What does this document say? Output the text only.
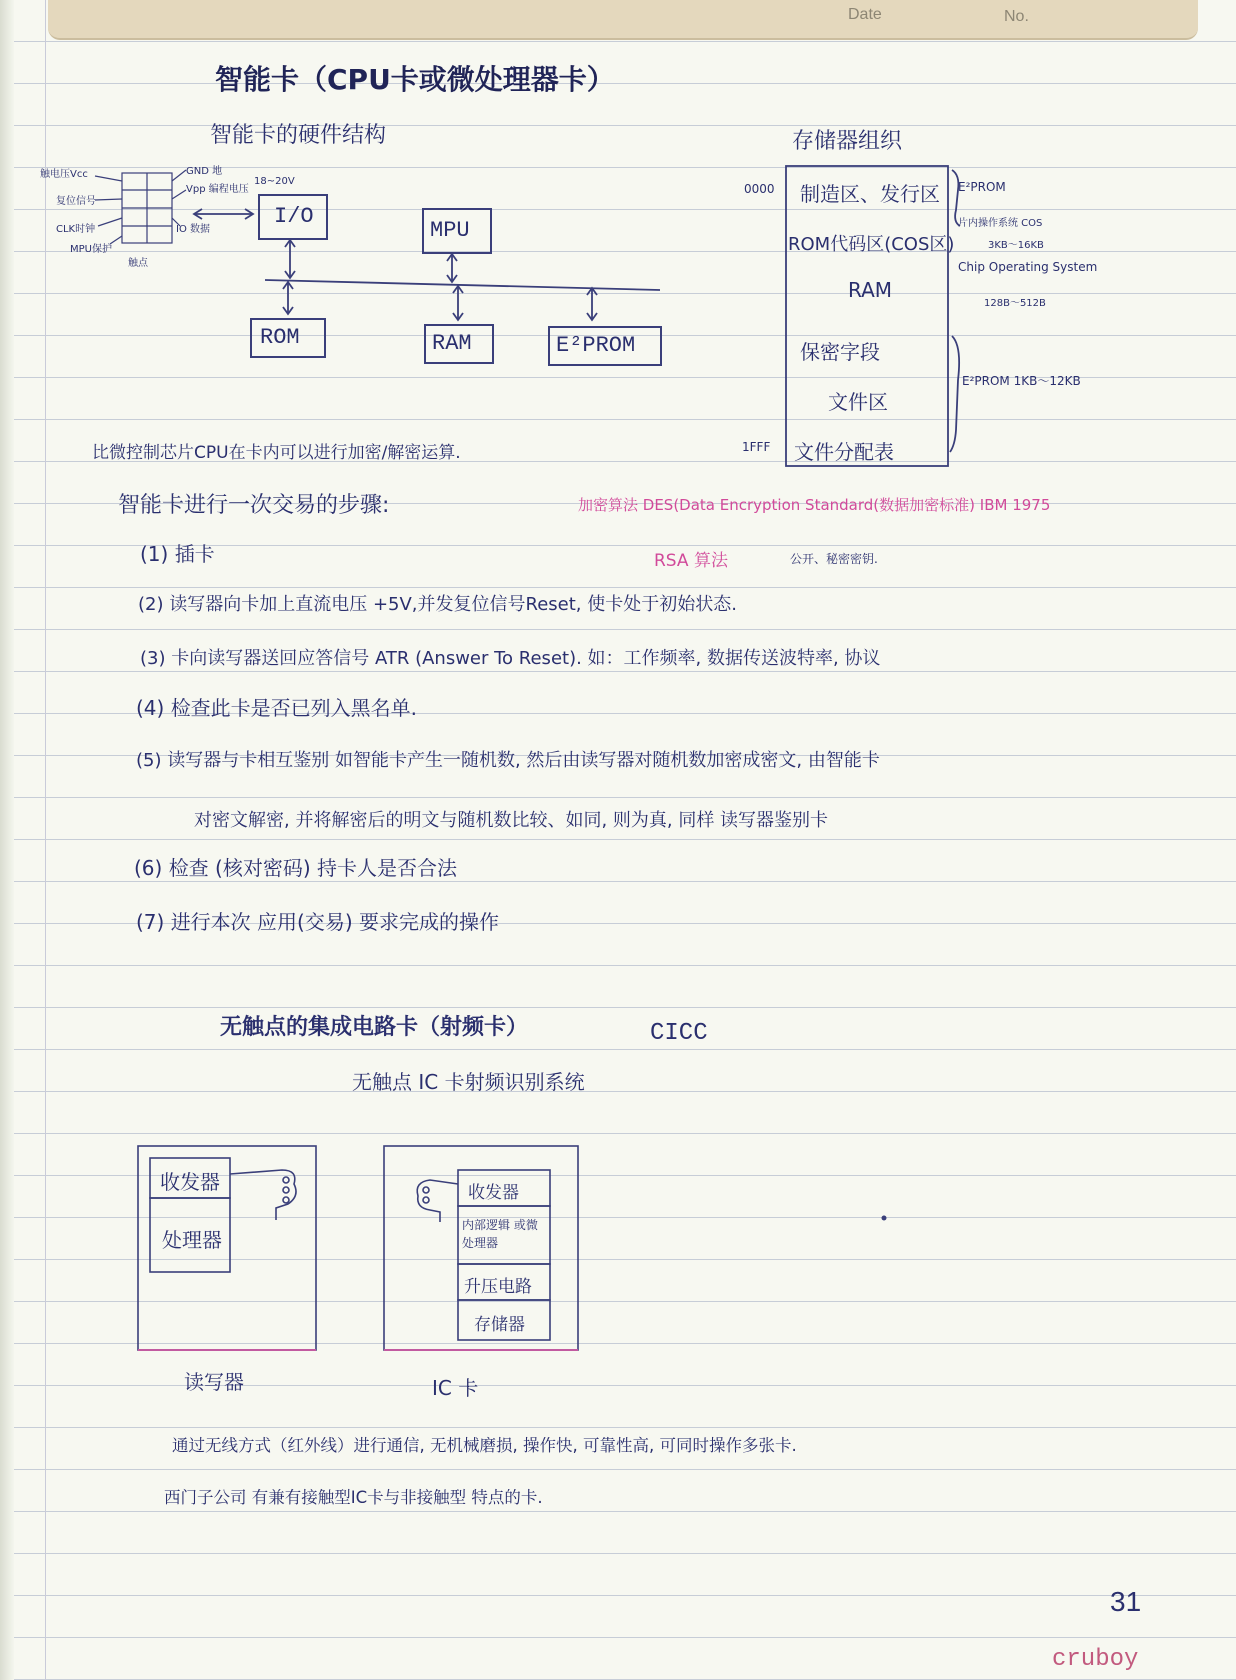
Date	No.
智能卡（CPU卡或微处理器卡）
智能卡的硬件结构
触电压Vcc
复位信号
CLK时钟
MPU保护
GND 地
Vpp 编程电压
IO 数据
触点
18~20V
I/O
MPU
ROM	RAM	E²PROM
存储器组织
0000
1FFF
制造区、发行区
ROM代码区(COS区)
RAM
保密字段
文件区
文件分配表
E²PROM
片内操作系统 COS
3KB～16KB
Chip Operating System
128B～512B
E²PROM 1KB～12KB
比微控制芯片CPU在卡内可以进行加密/解密运算.
智能卡进行一次交易的步骤:	加密算法 DES(Data Encryption Standard(数据加密标准) IBM 1975
RSA 算法	公开、秘密密钥.
(1) 插卡
(2) 读写器向卡加上直流电压 +5V,并发复位信号Reset, 使卡处于初始状态.
(3) 卡向读写器送回应答信号 ATR (Answer To Reset). 如：工作频率, 数据传送波特率, 协议
(4) 检查此卡是否已列入黑名单.
(5) 读写器与卡相互鉴别 如智能卡产生一随机数, 然后由读写器对随机数加密成密文, 由智能卡
对密文解密, 并将解密后的明文与随机数比较、如同, 则为真, 同样 读写器鉴别卡
(6) 检查 (核对密码) 持卡人是否合法
(7) 进行本次 应用(交易) 要求完成的操作
无触点的集成电路卡（射频卡）	CICC
无触点 IC 卡射频识别系统
收发器
处理器
读写器
收发器
内部逻辑 或微处理器
升压电路
存储器
IC 卡
通过无线方式（红外线）进行通信, 无机械磨损, 操作快, 可靠性高, 可同时操作多张卡.
西门子公司 有兼有接触型IC卡与非接触型 特点的卡.
31
cruboy
